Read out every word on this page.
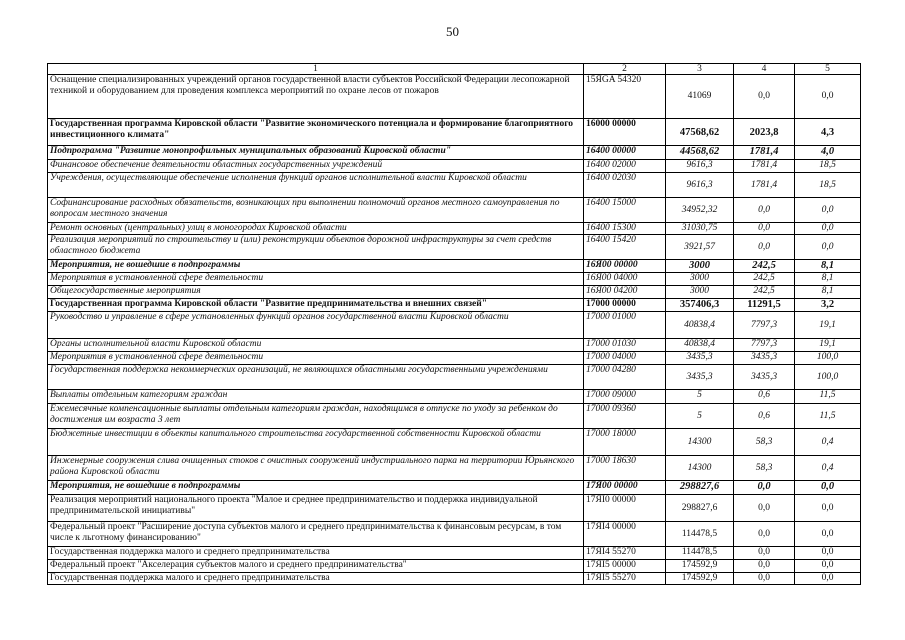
50
1	2	3	4	5
Оснащение специализированных учреждений органов государственной власти субъектов Российской Федерации лесопожарной техникой и оборудованием для проведения комплекса мероприятий по охране лесов от пожаров	15ЯGA 54320	41069	0,0	0,0
Государственная программа Кировской области "Развитие экономического потенциала и формирование благоприятного инвестиционного климата"	16000 00000	47568,62	2023,8	4,3
Подпрограмма "Развитие монопрофильных муниципальных образований Кировской области"	16400 00000	44568,62	1781,4	4,0
Финансовое обеспечение деятельности областных государственных учреждений	16400 02000	9616,3	1781,4	18,5
Учреждения, осуществляющие обеспечение исполнения функций органов исполнительной власти Кировской области	16400 02030	9616,3	1781,4	18,5
Софинансирование расходных обязательств, возникающих при выполнении полномочий органов местного самоуправления по вопросам местного значения	16400 15000	34952,32	0,0	0,0
Ремонт основных (центральных) улиц в моногородах Кировской области	16400 15300	31030,75	0,0	0,0
Реализация мероприятий по строительству и (или) реконструкции объектов дорожной инфраструктуры за счет средств областного бюджета	16400 15420	3921,57	0,0	0,0
Мероприятия, не вошедшие в подпрограммы	16Я00 00000	3000	242,5	8,1
Мероприятия в установленной сфере деятельности	16Я00 04000	3000	242,5	8,1
Общегосударственные мероприятия	16Я00 04200	3000	242,5	8,1
Государственная программа Кировской области "Развитие предпринимательства и внешних связей"	17000 00000	357406,3	11291,5	3,2
Руководство и управление в сфере установленных функций органов государственной власти Кировской области	17000 01000	40838,4	7797,3	19,1
Органы исполнительной власти Кировской области	17000 01030	40838,4	7797,3	19,1
Мероприятия в установленной сфере деятельности	17000 04000	3435,3	3435,3	100,0
Государственная поддержка некоммерческих организаций, не являющихся областными государственными учреждениями	17000 04280	3435,3	3435,3	100,0
Выплаты отдельным категориям граждан	17000 09000	5	0,6	11,5
Ежемесячные компенсационные выплаты отдельным категориям граждан, находящимся в отпуске по уходу за ребенком до достижения им возраста 3 лет	17000 09360	5	0,6	11,5
Бюджетные инвестиции в объекты капитального строительства государственной собственности Кировской области	17000 18000	14300	58,3	0,4
Инженерные сооружения слива очищенных стоков с очистных сооружений индустриального парка на территории Юрьянского района Кировской области	17000 18630	14300	58,3	0,4
Мероприятия, не вошедшие в подпрограммы	17Я00 00000	298827,6	0,0	0,0
Реализация мероприятий национального проекта "Малое и среднее предпринимательство и поддержка индивидуальной предпринимательской инициативы"	17ЯI0 00000	298827,6	0,0	0,0
Федеральный проект "Расширение доступа субъектов малого и среднего предпринимательства к финансовым ресурсам, в том числе к льготному финансированию"	17ЯI4 00000	114478,5	0,0	0,0
Государственная поддержка малого и среднего предпринимательства	17ЯI4 55270	114478,5	0,0	0,0
Федеральный проект "Акселерация субъектов малого и среднего предпринимательства"	17ЯI5 00000	174592,9	0,0	0,0
Государственная поддержка малого и среднего предпринимательства	17ЯI5 55270	174592,9	0,0	0,0
